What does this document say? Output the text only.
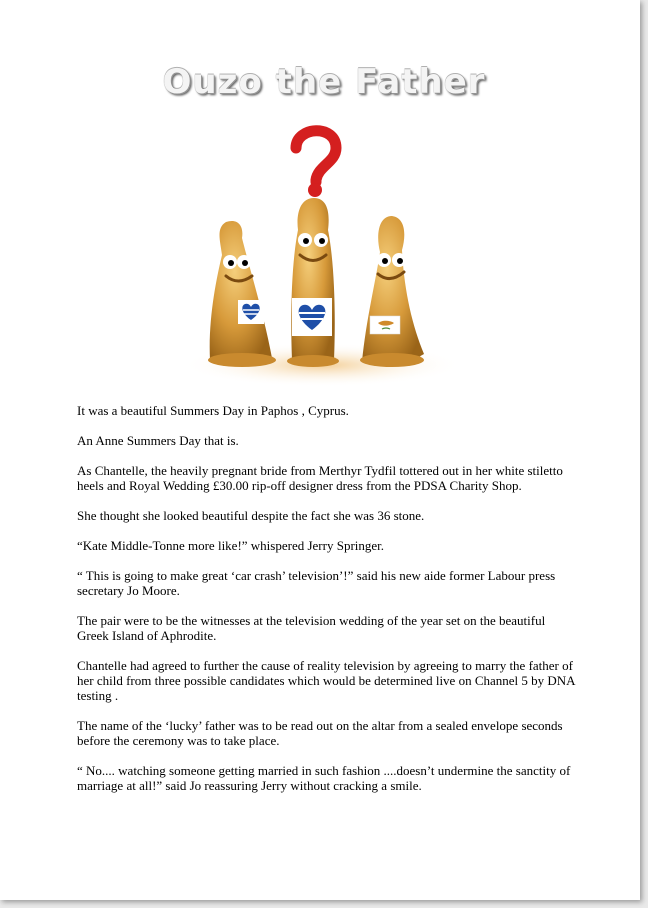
Ouzo the Father

It was a beautiful Summers Day in Paphos , Cyprus.

An Anne Summers Day that is.

As Chantelle, the heavily pregnant bride from Merthyr Tydfil tottered out in her white stiletto heels and Royal Wedding £30.00 rip-off designer dress from the PDSA Charity Shop.

She thought she looked beautiful despite the fact she was 36 stone.

“Kate Middle-Tonne more like!” whispered Jerry Springer.

“ This is going to make great ‘car crash’ television’!” said his new aide former Labour press secretary Jo Moore.

The pair were to be the witnesses at the television wedding of the year set on the beautiful Greek Island of Aphrodite.

Chantelle had agreed to further the cause of reality television by agreeing to marry the father of her child from three possible candidates which would be determined live on Channel 5 by DNA testing .

The name of the ‘lucky’ father was to be read out on the altar from a sealed envelope seconds before the ceremony was to take place.

“ No.... watching someone getting married in such fashion ....doesn’t undermine the sanctity of marriage at all!” said Jo reassuring Jerry without cracking a smile.
